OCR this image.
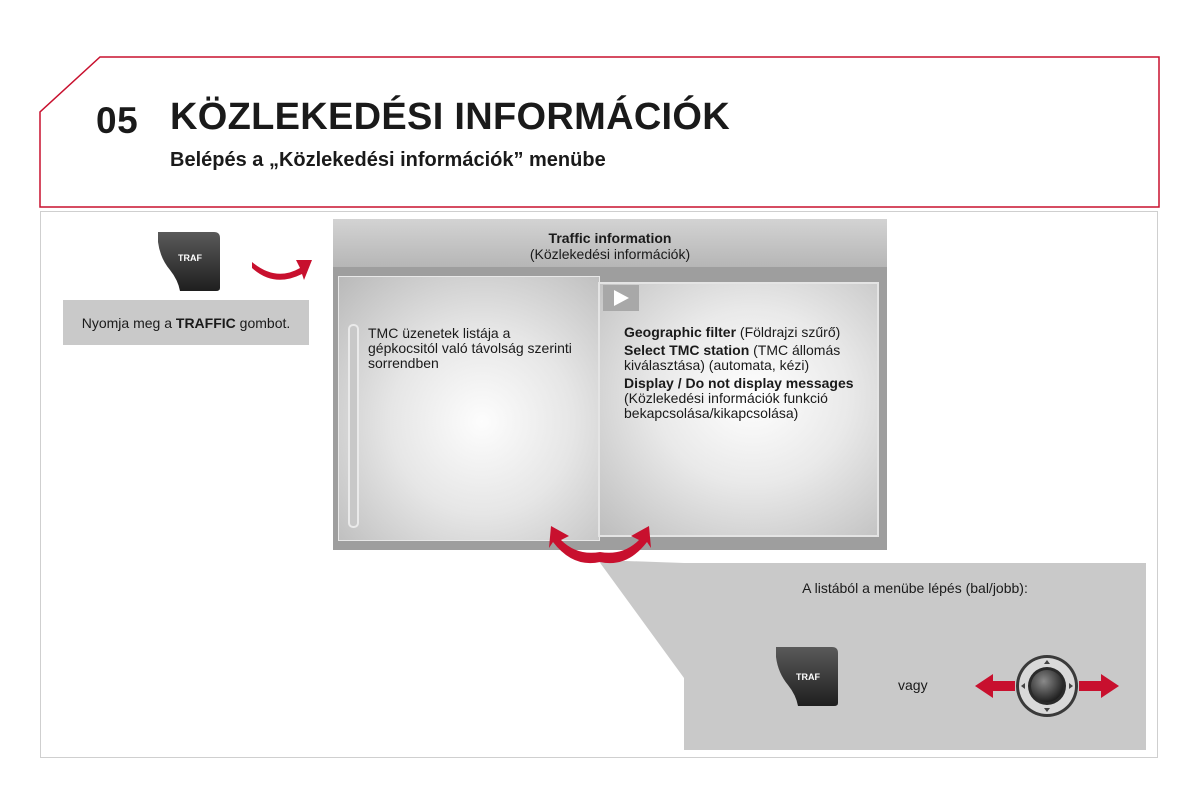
05 KÖZLEKEDÉSI INFORMÁCIÓK
Belépés a „Közlekedési információk” menübe
TRAF
Nyomja meg a TRAFFIC gombot.
Traffic information
(Közlekedési információk)
TMC üzenetek listája a gépkocsitól való távolság szerinti sorrendben

Geographic filter (Földrajzi szűrő)

Select TMC station (TMC állomás kiválasztása) (automata, kézi)

Display / Do not display messages (Közlekedési információk funkció bekapcsolása/kikapcsolása)

A listából a menübe lépés (bal/jobb):
TRAF	vagy
